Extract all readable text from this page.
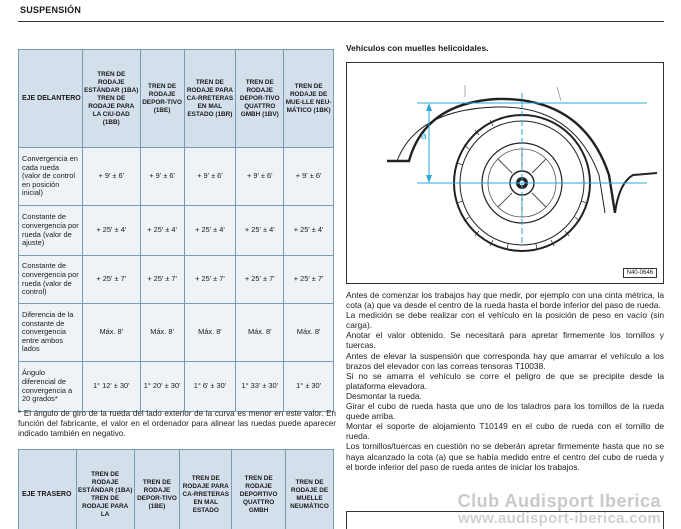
SUSPENSIÓN
EJE DELANTERO	TREN DE RODAJE ESTÁNDAR (1BA) TREN DE RODAJE PARA LA CIU-DAD (1BB)	TREN DE RODAJE DEPOR-TIVO (1BE)	TREN DE RODAJE PARA CA-RRETERAS EN MAL ESTADO (1BR)	TREN DE RODAJE DEPOR-TIVO QUATTRO GMBH (1BV)	TREN DE RODAJE DE MUE-LLE NEU-MÁTICO (1BK)
Convergencia en cada rueda (valor de control en posición inicial)	+ 9' ± 6'	+ 9' ± 6'	+ 9' ± 6'	+ 9' ± 6'	+ 9' ± 6'
Constante de convergencia por rueda (valor de ajuste)	+ 25' ± 4'	+ 25' ± 4'	+ 25' ± 4'	+ 25' ± 4'	+ 25' ± 4'
Constante de convergencia por rueda (valor de control)	+ 25' ± 7'	+ 25' ± 7'	+ 25' ± 7'	+ 25' ± 7'	+ 25' ± 7'
Diferencia de la constante de convergencia entre ambos lados	Máx. 8'	Máx. 8'	Máx. 8'	Máx. 8'	Máx. 8'
Ángulo diferencial de convergencia a 20 grados*	1° 12' ± 30'	1° 20' ± 30'	1° 6' ± 30'	1° 33' ± 30'	1° ± 30'
* El ángulo de giro de la rueda del lado exterior de la curva es menor en este valor. En función del fabricante, el valor en el ordenador para alinear las ruedas puede aparecer indicado también en negativo.
EJE TRASERO	TREN DE RODAJE ESTÁNDAR (1BA) TREN DE RODAJE PARA LA	TREN DE RODAJE DEPOR-TIVO (1BE)	TREN DE RODAJE PARA CA-RRETERAS EN MAL ESTADO	TREN DE RODAJE DEPORTIVO QUATTRO GMBH	TREN DE RODAJE DE MUELLE NEUMÁTICO
Vehículos con muelles helicoidales.
a
N40-0646

Antes de comenzar los trabajos hay que medir, por ejemplo con una cinta métrica, la cota (a) que va desde el centro de la rueda hasta el borde inferior del paso de rueda.

La medición se debe realizar con el vehículo en la posición de peso en vacío (sin carga).

Anotar el valor obtenido. Se necesitará para apretar firmemente los tornillos y tuercas.

Antes de elevar la suspensión que corresponda hay que amarrar el vehículo a los brazos del elevador con las correas tensoras T10038.

Si no se amarra el vehículo se corre el peligro de que se precipite desde la plataforma elevadora.

Desmontar la rueda.

Girar el cubo de rueda hasta que uno de los taladros para los tornillos de la rueda quede arriba.

Montar el soporte de alojamiento T10149 en el cubo de rueda con el tornillo de rueda.

Los tornillos/tuercas en cuestión no se deberán apretar firmemente hasta que no se haya alcanzado la cota (a) que se había medido entre el centro del cubo de rueda y el borde inferior del paso de rueda antes de iniciar los trabajos.

Club Audisport Iberica
www.audisport-iberica.com
